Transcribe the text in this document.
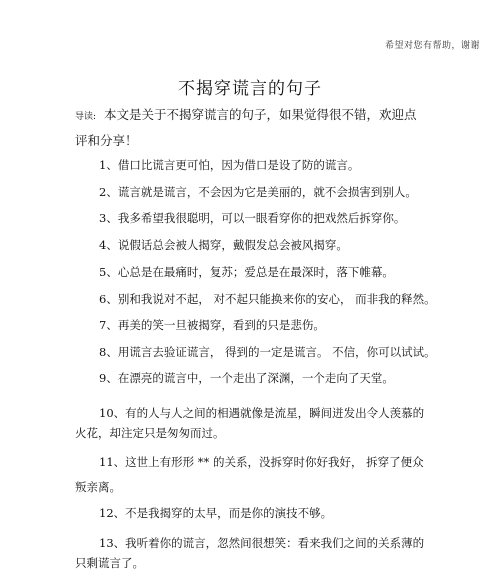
希望对您有帮助，谢谢
不揭穿谎言的句子
导读: 本文是关于不揭穿谎言的句子，如果觉得很不错，欢迎点评和分享！
1、借口比谎言更可怕，因为借口是设了防的谎言。
2、谎言就是谎言，不会因为它是美丽的，就不会损害到别人。
3、我多希望我很聪明，可以一眼看穿你的把戏然后拆穿你。
4、说假话总会被人揭穿，戴假发总会被风揭穿。
5、心总是在最痛时，复苏；爱总是在最深时，落下帷幕。
6、别和我说对不起， 对不起只能换来你的安心， 而非我的释然。
7、再美的笑一旦被揭穿，看到的只是悲伤。
8、用谎言去验证谎言， 得到的一定是谎言。 不信，你可以试试。
9、在漂亮的谎言中，一个走出了深渊，一个走向了天堂。
10、有的人与人之间的相遇就像是流星，瞬间迸发出令人羡慕的火花，却注定只是匆匆而过。
11、这世上有形形 ** 的关系，没拆穿时你好我好， 拆穿了便众叛亲离。
12、不是我揭穿的太早，而是你的演技不够。
13、我听着你的谎言，忽然间很想笑：看来我们之间的关系薄的只剩谎言了。
